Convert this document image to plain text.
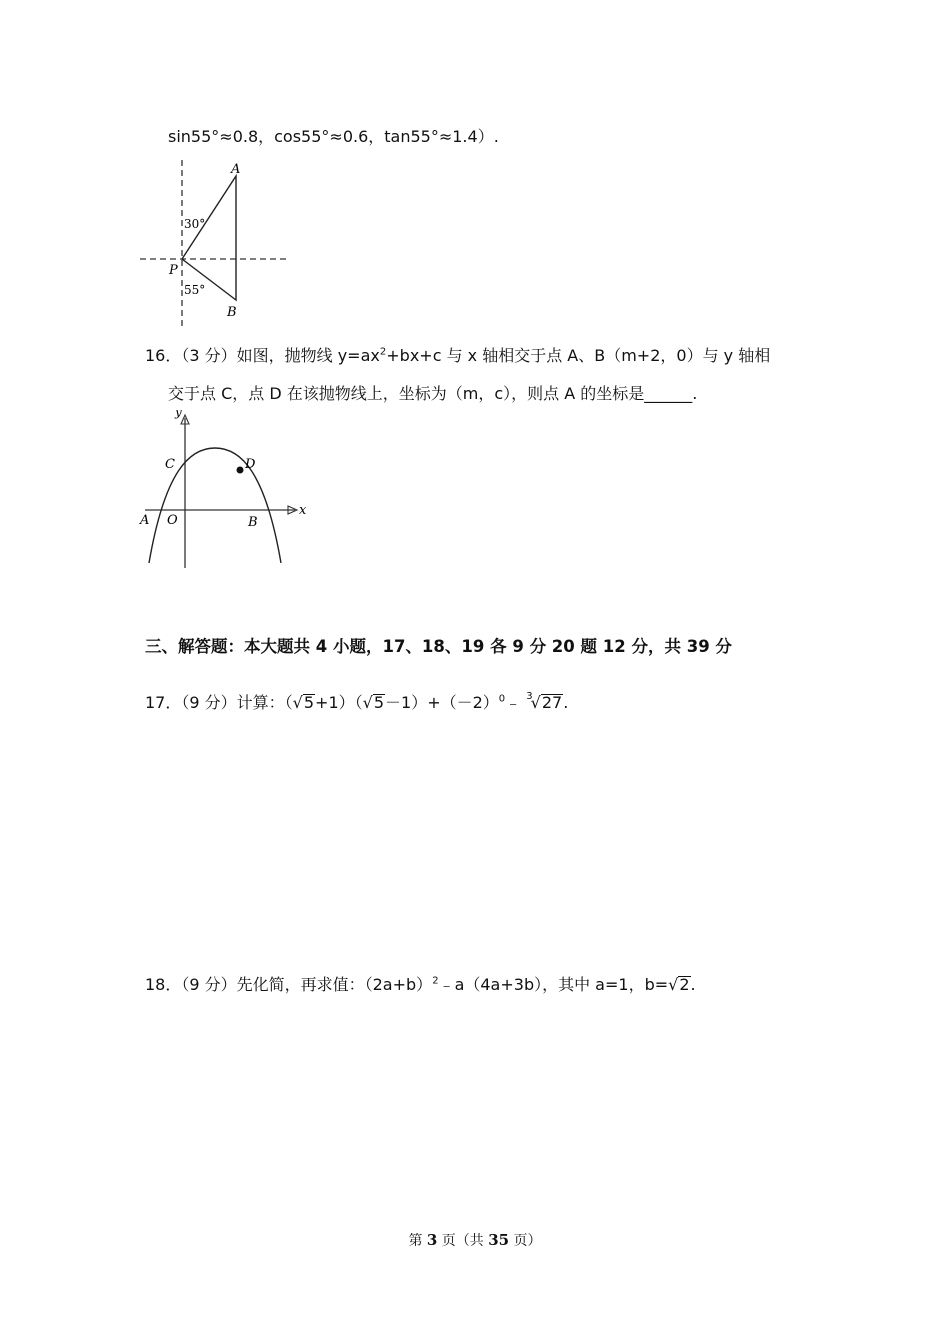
sin55°≈0.8，cos55°≈0.6，tan55°≈1.4）.
A
B
P
30°
55°
16．（3 分）如图，抛物线 $y=ax^2+bx+c$ 与 x 轴相交于点 A、B（m+2，0）与 y 轴相
交于点 C，点 D 在该抛物线上，坐标为（m，c），则点 A 的坐标是______.
y
x
C	D
A O	B
三、解答题：本大题共 4 小题，17、18、19 各 9 分 20 题 12 分，共 39 分
17．（9 分）计算：$(√5+1)(√5-1)+(-2)^0﹣$ $^3$√27.
18．（9 分）先化简，再求值：$(2a+b)^2﹣a(4a+3b)$，其中 a=1，b=√2.
第 3 页（共 35 页）
